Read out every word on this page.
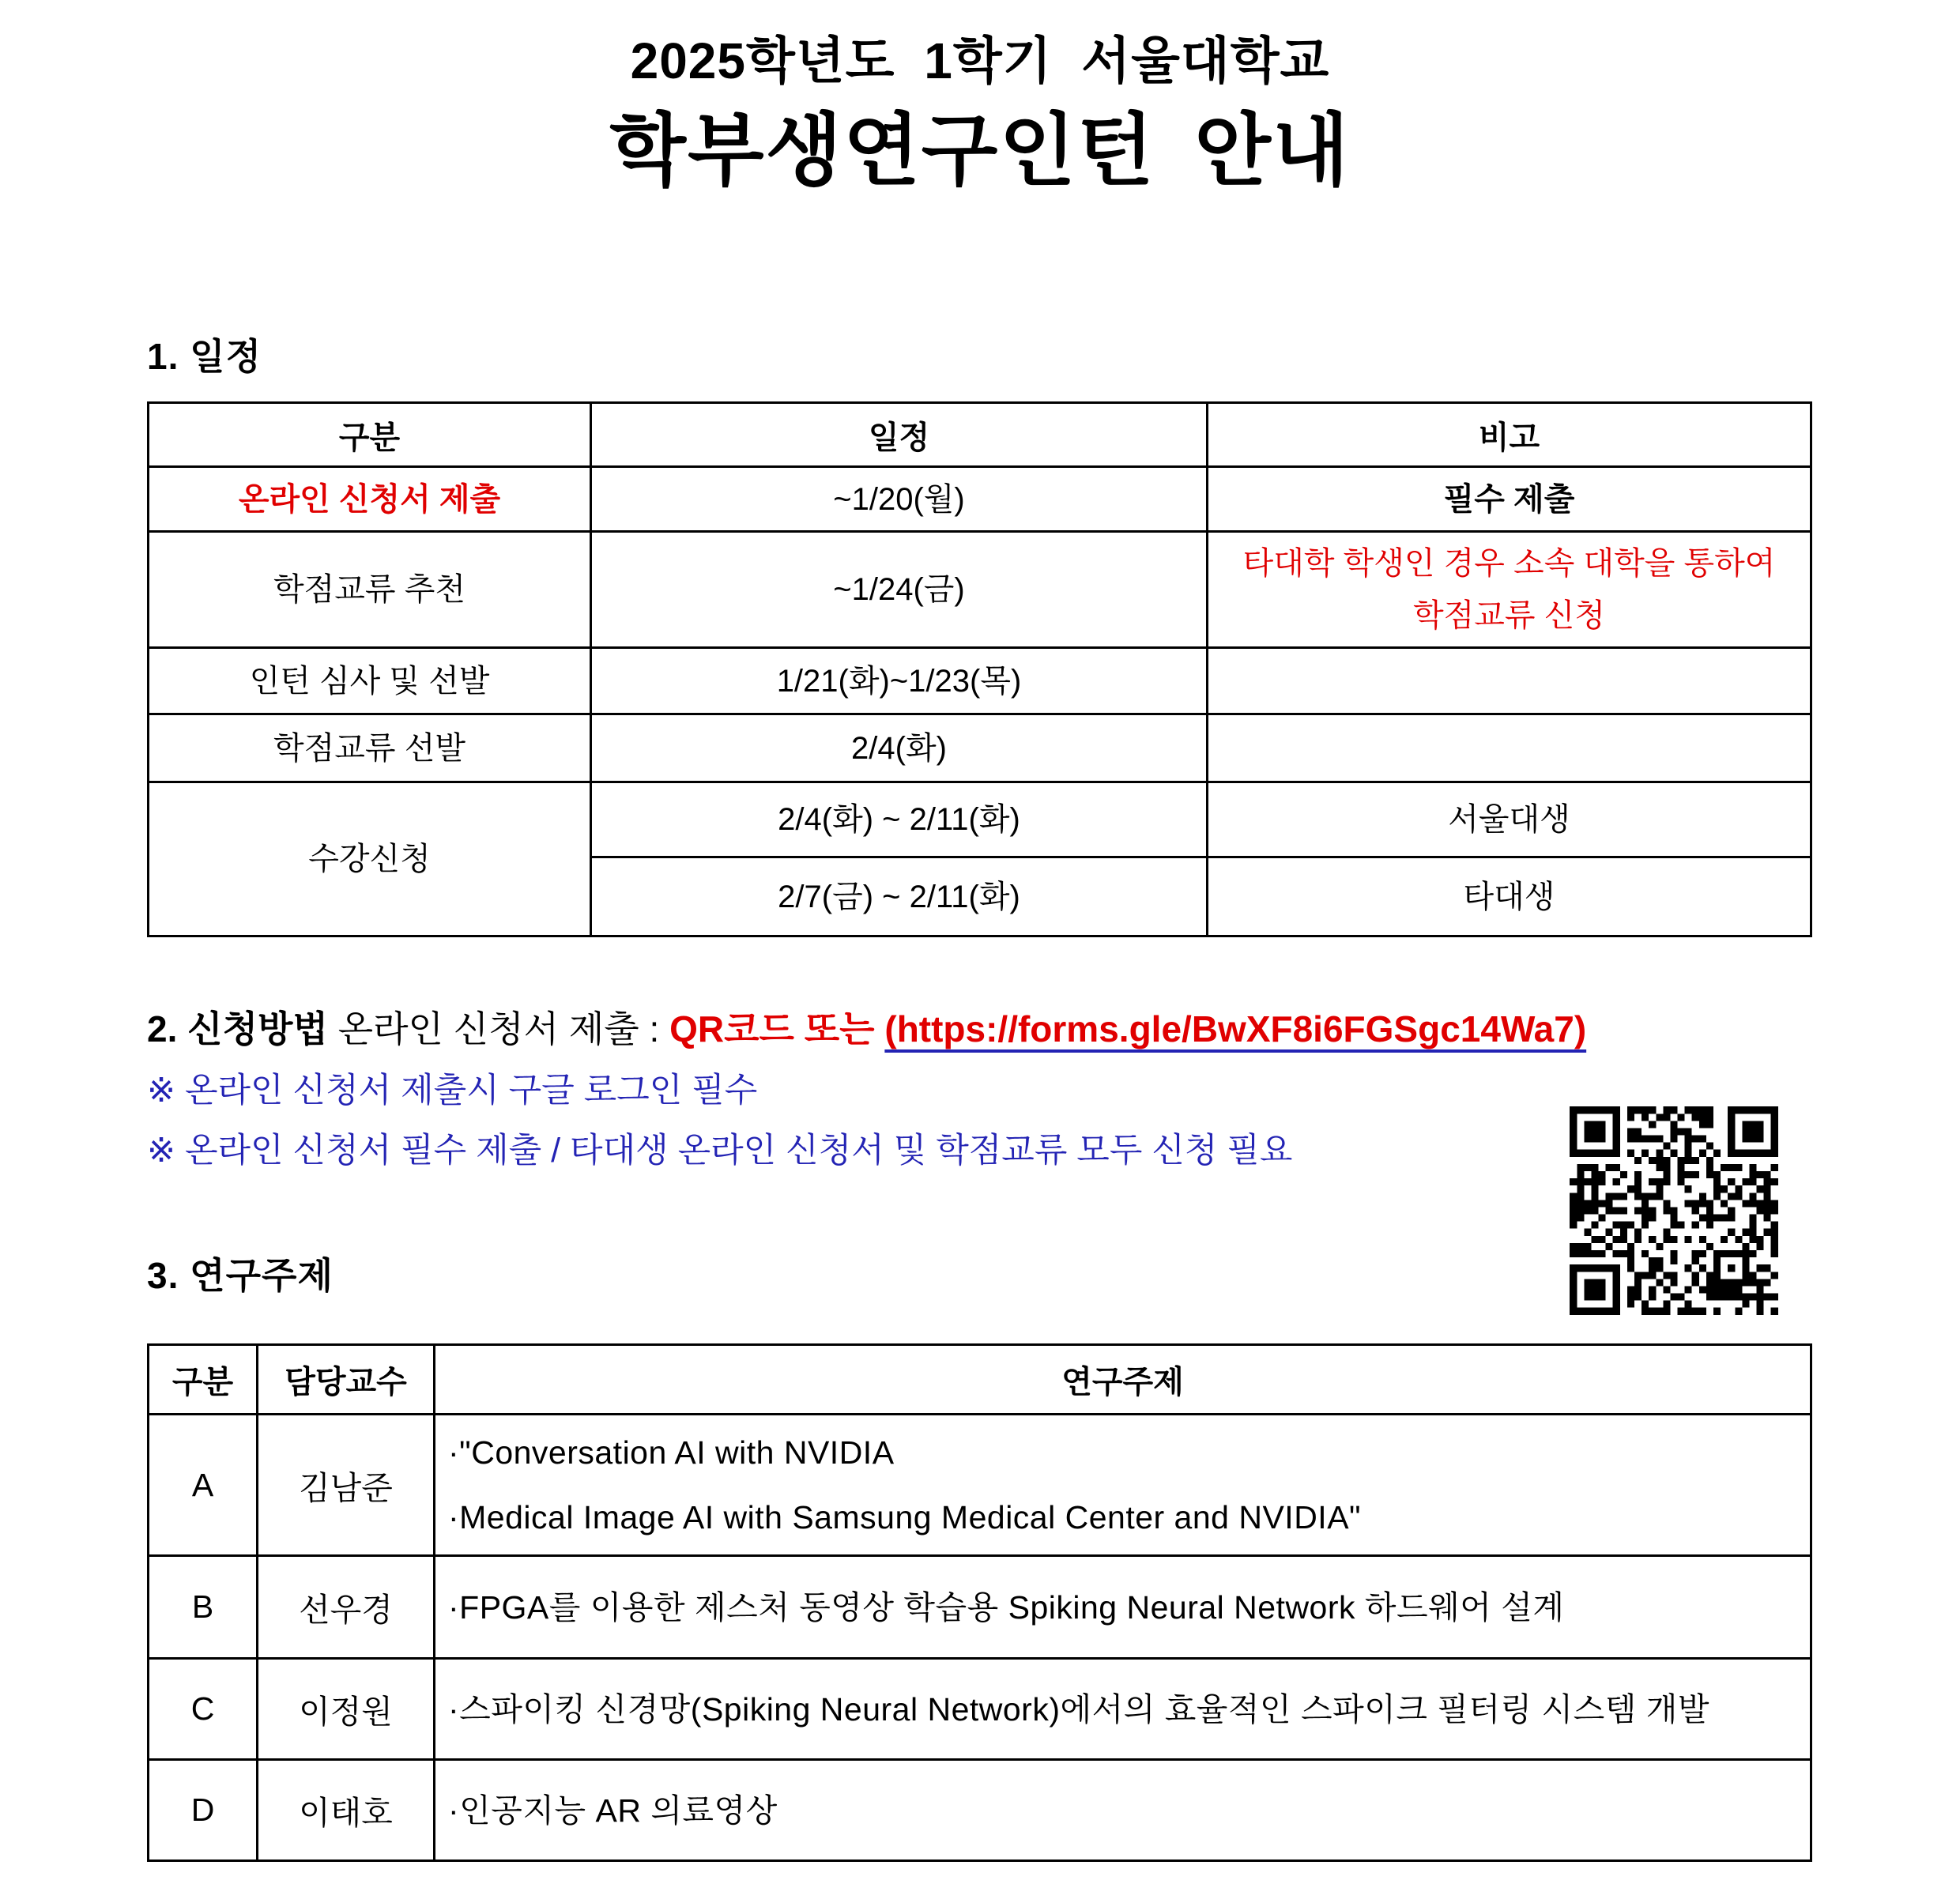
2025학년도 1학기 서울대학교
학부생연구인턴 안내
1. 일정
구분	일정	비고
온라인 신청서 제출	~1/20(월)	필수 제출
학점교류 추천	~1/24(금)	타대학 학생인 경우 소속 대학을 통하여 학점교류 신청
인턴 심사 및 선발	1/21(화)~1/23(목)	
학점교류 선발	2/4(화)	
수강신청	2/4(화) ~ 2/11(화)	서울대생
	2/7(금) ~ 2/11(화)	타대생
2. 신청방법 온라인 신청서 제출 : QR코드 또는 (https://forms.gle/BwXF8i6FGSgc14Wa7)
※ 온라인 신청서 제출시 구글 로그인 필수
※ 온라인 신청서 필수 제출 / 타대생 온라인 신청서 및 학점교류 모두 신청 필요
3. 연구주제
구분	담당교수	연구주제
A	김남준	·"Conversation AI with NVIDIA
·Medical Image AI with Samsung Medical Center and NVIDIA"

B	선우경	·FPGA를 이용한 제스처 동영상 학습용 Spiking Neural Network 하드웨어 설계

C	이정원	·스파이킹 신경망(Spiking Neural Network)에서의 효율적인 스파이크 필터링 시스템 개발

D	이태호	·인공지능 AR 의료영상
